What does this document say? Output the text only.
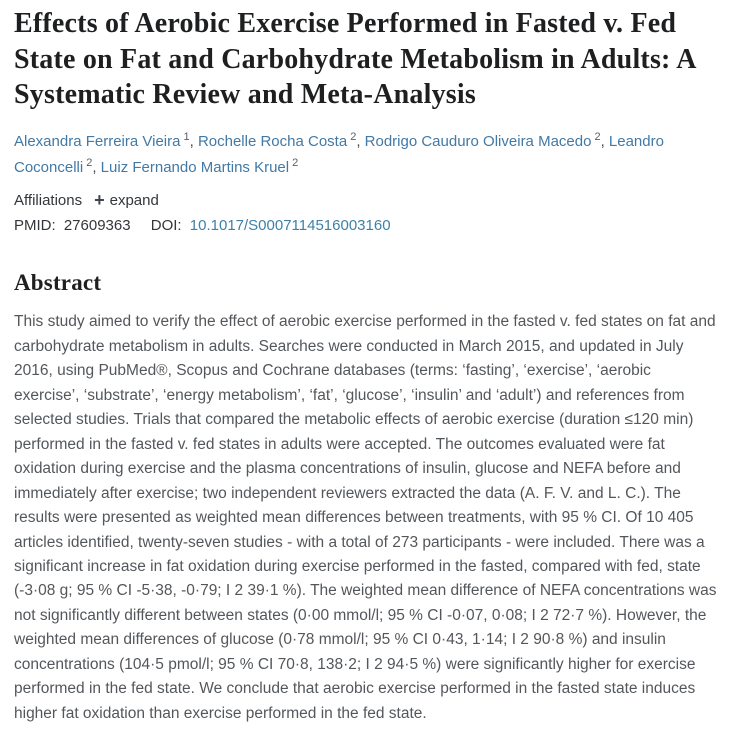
Effects of Aerobic Exercise Performed in Fasted v. Fed State on Fat and Carbohydrate Metabolism in Adults: A Systematic Review and Meta-Analysis
Alexandra Ferreira Vieira $^1$, Rochelle Rocha Costa $^2$, Rodrigo Cauduro Oliveira Macedo $^2$, Leandro Coconcelli $^2$, Luiz Fernando Martins Kruel $^2$
Affiliations + expand
PMID: 27609363 DOI: 10.1017/S0007114516003160
Abstract

This study aimed to verify the effect of aerobic exercise performed in the fasted v. fed states on fat and carbohydrate metabolism in adults. Searches were conducted in March 2015, and updated in July 2016, using PubMed®, Scopus and Cochrane databases (terms: ‘fasting’, ‘exercise’, ‘aerobic exercise’, ‘substrate’, ‘energy metabolism’, ‘fat’, ‘glucose’, ‘insulin’ and ‘adult’) and references from selected studies. Trials that compared the metabolic effects of aerobic exercise (duration ≤120 min) performed in the fasted v. fed states in adults were accepted. The outcomes evaluated were fat oxidation during exercise and the plasma concentrations of insulin, glucose and NEFA before and immediately after exercise; two independent reviewers extracted the data (A. F. V. and L. C.). The results were presented as weighted mean differences between treatments, with 95 % CI. Of 10 405 articles identified, twenty-seven studies - with a total of 273 participants - were included. There was a significant increase in fat oxidation during exercise performed in the fasted, compared with fed, state (-3·08 g; 95 % CI -5·38, -0·79; I 2 39·1 %). The weighted mean difference of NEFA concentrations was not significantly different between states (0·00 mmol/l; 95 % CI -0·07, 0·08; I 2 72·7 %). However, the weighted mean differences of glucose (0·78 mmol/l; 95 % CI 0·43, 1·14; I 2 90·8 %) and insulin concentrations (104·5 pmol/l; 95 % CI 70·8, 138·2; I 2 94·5 %) were significantly higher for exercise performed in the fed state. We conclude that aerobic exercise performed in the fasted state induces higher fat oxidation than exercise performed in the fed state.
